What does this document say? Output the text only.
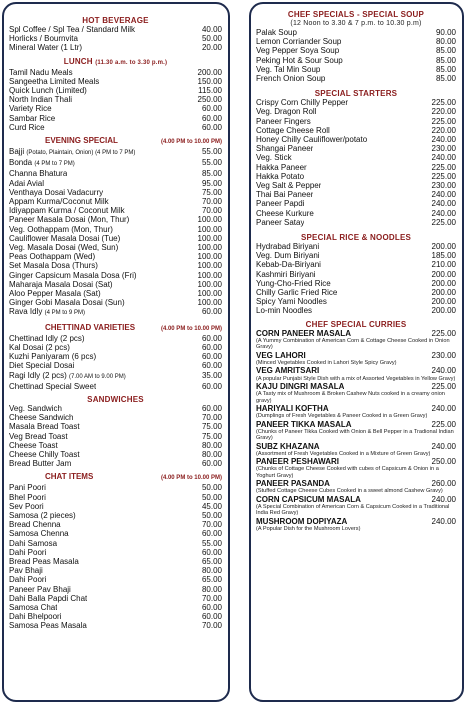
HOT BEVERAGE
Spl Coffee / Spl Tea / Standard Milk	40.00
Horlicks / Bournvita	50.00
Mineral Water (1 Ltr)	20.00
LUNCH (11.30 a.m. to 3.30 p.m.)
Tamil Nadu Meals	200.00
Sangeetha Limited Meals	150.00
Quick Lunch (Limited)	115.00
North Indian Thali	250.00
Variety Rice	60.00
Sambar Rice	60.00
Curd Rice	60.00
EVENING SPECIAL	(4.00 PM to 10.00 PM)
Bajji (Potato, Plaintain, Onion) (4 PM to 7 PM)	55.00
Bonda (4 PM to 7 PM)	55.00
Channa Bhatura	85.00
Adai Avial	95.00
Venthaya Dosai Vadacurry	75.00
Appam Kurma/Coconut Milk	70.00
Idiyappam Kurma / Coconut Milk	70.00
Paneer Masala Dosai (Mon, Thur)	100.00
Veg. Oothappam (Mon, Thur)	100.00
Cauliflower Masala Dosai (Tue)	100.00
Veg. Masala Dosai (Wed, Sun)	100.00
Peas Oothappam (Wed)	100.00
Set Masala Dosa (Thurs)	100.00
Ginger Capsicum Masala Dosa (Fri)	100.00
Maharaja Masala Dosai (Sat)	100.00
Aloo Pepper Masala (Sat)	100.00
Ginger Gobi Masala Dosai (Sun)	100.00
Rava Idly (4 PM to 9 PM)	60.00
CHETTINAD VARIETIES	(4.00 PM to 10.00 PM)
Chettinad Idly (2 pcs)	60.00
Kal Dosai (2 pcs)	60.00
Kuzhi Paniyaram (6 pcs)	60.00
Diet Special Dosai	60.00
Ragi Idly (2 pcs) (7.00 AM to 9.00 PM)	35.00
Chettinad Special Sweet	60.00
SANDWICHES
Veg. Sandwich	60.00
Cheese Sandwich	70.00
Masala Bread Toast	75.00
Veg Bread Toast	75.00
Cheese Toast	80.00
Cheese Chilly Toast	80.00
Bread Butter Jam	60.00
CHAT ITEMS	(4.00 PM to 10.00 PM)
Pani Poori	50.00
Bhel Poori	50.00
Sev Poori	45.00
Samosa (2 pieces)	50.00
Bread Chenna	70.00
Samosa Chenna	60.00
Dahi Samosa	55.00
Dahi Poori	60.00
Bread Peas Masala	65.00
Pav Bhaji	80.00
Dahi Poori	65.00
Paneer Pav Bhaji	80.00
Dahi Balla Papdi Chat	70.00
Samosa Chat	60.00
Dahi Bhelpoori	60.00
Samosa Peas Masala	70.00
CHEF SPECIALS - SPECIAL SOUP
(12 Noon to 3.30 & 7 p.m. to 10.30 p.m)
Palak Soup	90.00
Lemon Corriander Soup	80.00
Veg Pepper Soya Soup	85.00
Peking Hot & Sour Soup	85.00
Veg. Tal Min Soup	85.00
French Onion Soup	85.00
SPECIAL STARTERS
Crispy Corn Chilly Pepper	225.00
Veg. Dragon Roll	220.00
Paneer Fingers	225.00
Cottage Cheese Roll	220.00
Honey Chilly Cauliflower/potato	240.00
Shangai Paneer	230.00
Veg. Stick	240.00
Hakka Paneer	225.00
Hakka Potato	225.00
Veg Salt & Pepper	230.00
Thai Bai Paneer	240.00
Paneer Papdi	240.00
Cheese Kurkure	240.00
Paneer Satay	225.00
SPECIAL RICE & NOODLES
Hydrabad Biriyani	200.00
Veg. Dum Biriyani	185.00
Kebab-Da-Biriyani	210.00
Kashmiri Biriyani	200.00
Yung-Cho-Fried Rice	200.00
Chilly Garlic Fried Rice	200.00
Spicy Yami Noodles	200.00
Lo-min Noodles	200.00
CHEF SPECIAL CURRIES
CORN PANEER MASALA	225.00
(A Yummy Combination of American Corn & Cottage Cheese Cooked in Onion Gravy)
VEG LAHORI	230.00
(Minced Vegetables Cooked in Lahori Style Spicy Gravy)
VEG AMRITSARI	240.00
(A popular Punjabi Style Dish with a mix of Assorted Vegetables in Yellow Gravy)
KAJU DINGRI MASALA	225.00
(A Tasty mix of Mushroom & Broken Cashew Nuts cooked in a creamy onion gravy)
HARIYALI KOFTHA	240.00
(Dumplings of Fresh Vegetables & Paneer Cooked in a Green Gravy)
PANEER TIKKA MASALA	225.00
(Chunks of Paneer Tikka Cooked with Onion & Bell Pepper in a Tradional Indian Gravy)
SUBZ KHAZANA	240.00
(Assortment of Fresh Vegetables Cooked in a Mixture of Green Gravy)
PANEER PESHAWARI	250.00
(Chunks of Cottage Cheese Cooked with cubes of Capsicum & Onion in a Yoghurt Gravy)
PANEER PASANDA	260.00
(Stuffed Cottage Cheese Cubes Cooked in a sweet almond Cashew Gravy)
CORN CAPSICUM MASALA	240.00
(A Special Combination of American Corn & Capsicum Cooked in a Traditional India Red Gravy)
MUSHROOM DOPIYAZA	240.00
(A Popular Dish for the Mushroom Lovers)
